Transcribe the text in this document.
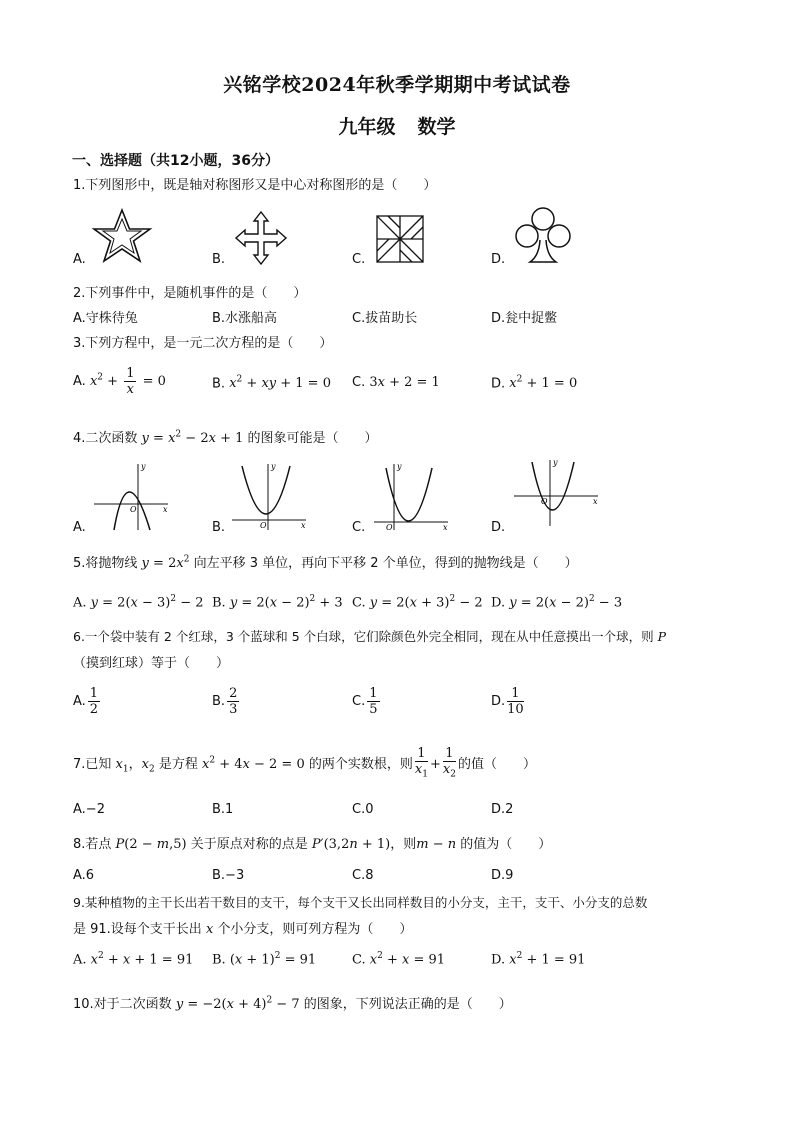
兴铭学校2024年秋季学期期中考试试卷
九年级 数学
一、选择题（共12小题，36分）
1.下列图形中，既是轴对称图形又是中心对称图形的是（　　）
A.	B.	C.	D.
2.下列事件中，是随机事件的是（　　）
A.守株待兔	B.水涨船高	C.拔苗助长	D.瓮中捉鳖
3.下列方程中，是一元二次方程的是（　　）
A. $x^2 + \frac{1}{x} = 0$	B. $x^2$ + xy + 1 = 0 C. 3x + 2 = 1	D. $x^2 + 1 = 0$
4.二次函数 $y = x^2 - 2x + 1$ 的图象可能是（　　）
A.
y
x
O
B.
y
x
O	C.
y
x
O	D.
y
x
O
5.将抛物线 $y = 2x^2$ 向左平移 3 单位，再向下平移 2 个单位，得到的抛物线是（　　）
A. $y = 2(x - 3)^2 - 2$ B. $y = 2(x - 2)^2 + 3$ C. $y = 2(x + 3)^2 - 2$ D. $y = 2(x - 2)^2 - 3$
6.一个袋中装有 2 个红球，3 个蓝球和 5 个白球，它们除颜色外完全相同，现在从中任意摸出一个球，则 P
（摸到红球）等于（　　）
A. $\frac{1}{2}$	B. $\frac{2}{3}$	C. $\frac{1}{5}$	D. $\frac{1}{10}$
7.已知 $x_1$，$x_2$ 是方程 $x^2 + 4x - 2 = 0$ 的两个实数根，则 $\frac{1}{x_1} + \frac{1}{x_2}$ 的值（　　）
A.−2	B.1	C.0	D.2
8.若点 P(2 − m,5) 关于原点对称的点是 P′(3,2n + 1)，则m − n 的值为（　　）
A.6	B.−3	C.8	D.9
9.某种植物的主干长出若干数目的支干，每个支干又长出同样数目的小分支，主干，支干、小分支的总数
是 91.设每个支干长出 x 个小分支，则可列方程为（　　）
A. $x^2 + x + 1 = 91$ B. $(x + 1)^2 = 91$	C. $x^2 + x = 91$	D. $x^2 + 1 = 91$
10.对于二次函数 $y = -2(x + 4)^2 - 7$ 的图象，下列说法正确的是（　　）
